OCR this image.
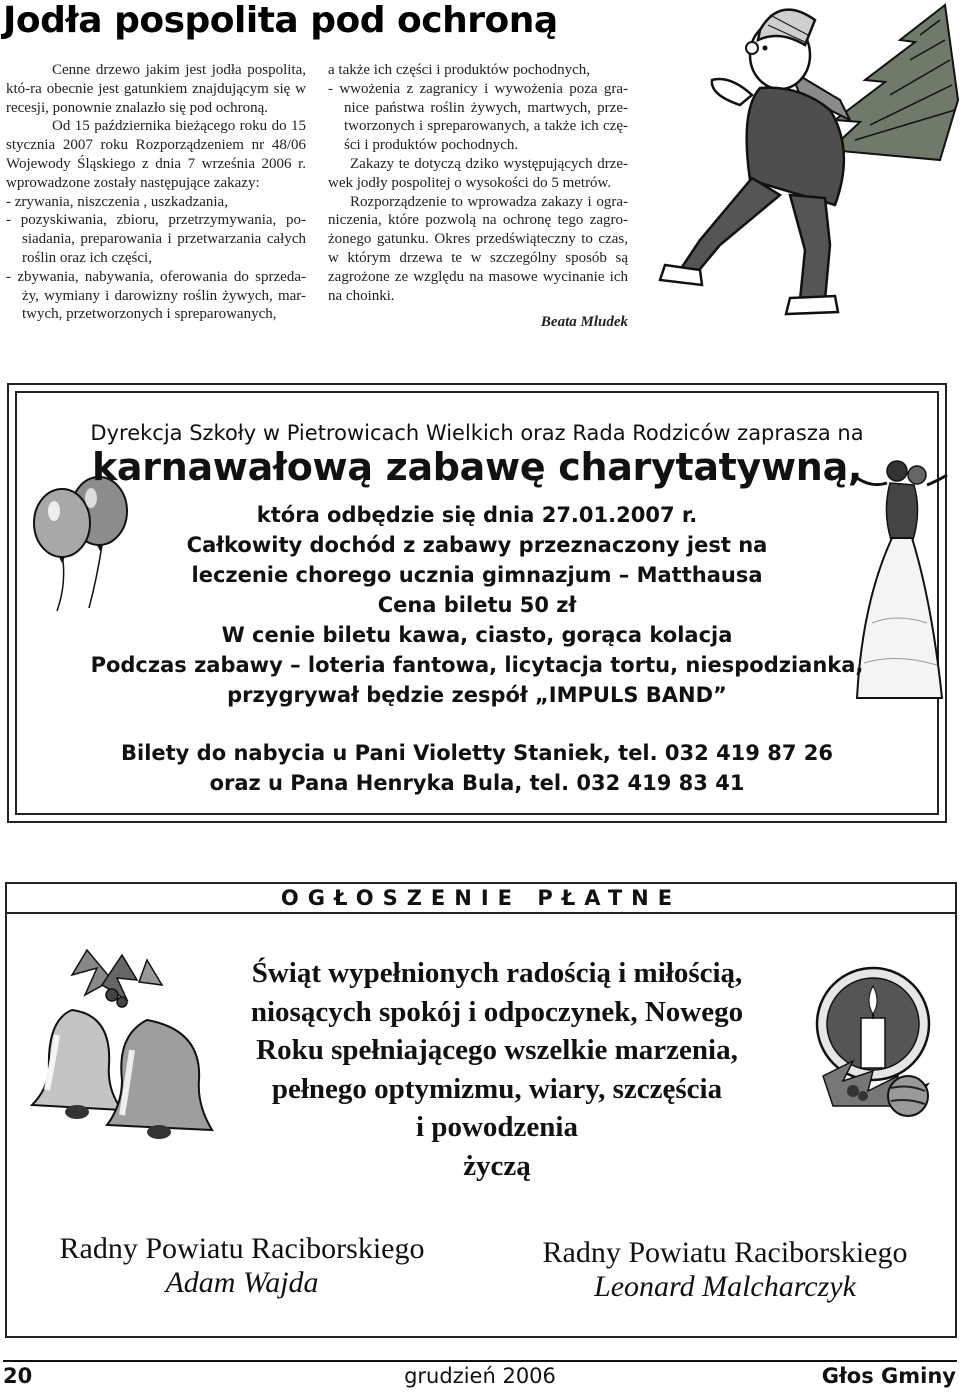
Jodła pospolita pod ochroną

Cenne drzewo jakim jest jodła pospolita, któ-ra obecnie jest gatunkiem znajdującym się w recesji, ponownie znalazło się pod ochroną.

Od 15 października bieżącego roku do 15 stycznia 2007 roku Rozporządzeniem nr 48/06 Wojewody Śląskiego z dnia 7 września 2006 r. wprowadzone zostały następujące zakazy:

- zrywania, niszczenia , uszkadzania,

- pozyskiwania, zbioru, przetrzymywania, po-siadania, preparowania i przetwarzania całych roślin oraz ich części,

- zbywania, nabywania, oferowania do sprzeda-ży, wymiany i darowizny roślin żywych, mar-twych, przetworzonych i spreparowanych,

a także ich części i produktów pochodnych,

- wwożenia z zagranicy i wywożenia poza gra-nice państwa roślin żywych, martwych, prze-tworzonych i spreparowanych, a także ich czę-ści i produktów pochodnych.

Zakazy te dotyczą dziko występujących drze-wek jodły pospolitej o wysokości do 5 metrów.

Rozporządzenie to wprowadza zakazy i ogra-niczenia, które pozwolą na ochronę tego zagro-żonego gatunku. Okres przedświąteczny to czas, w którym drzewa te w szczególny sposób są zagrożone ze względu na masowe wycinanie ich na choinki.

Beata Mludek
Dyrekcja Szkoły w Pietrowicach Wielkich oraz Rada Rodziców zaprasza na
karnawałową zabawę charytatywną,
która odbędzie się dnia 27.01.2007 r.
Całkowity dochód z zabawy przeznaczony jest na
leczenie chorego ucznia gimnazjum – Matthausa
Cena biletu 50 zł
W cenie biletu kawa, ciasto, gorąca kolacja
Podczas zabawy – loteria fantowa, licytacja tortu, niespodzianka,
przygrywał będzie zespół „IMPULS BAND”
Bilety do nabycia u Pani Violetty Staniek, tel. 032 419 87 26
oraz u Pana Henryka Bula, tel. 032 419 83 41
OGŁOSZENIE PŁATNE
Świąt wypełnionych radością i miłością,
niosących spokój i odpoczynek, Nowego
Roku spełniającego wszelkie marzenia,
pełnego optymizmu, wiary, szczęścia
i powodzenia
życzą
Radny Powiatu Raciborskiego
Adam Wajda
Radny Powiatu Raciborskiego
Leonard Malcharczyk
grudzień 2006
20	Głos Gminy
